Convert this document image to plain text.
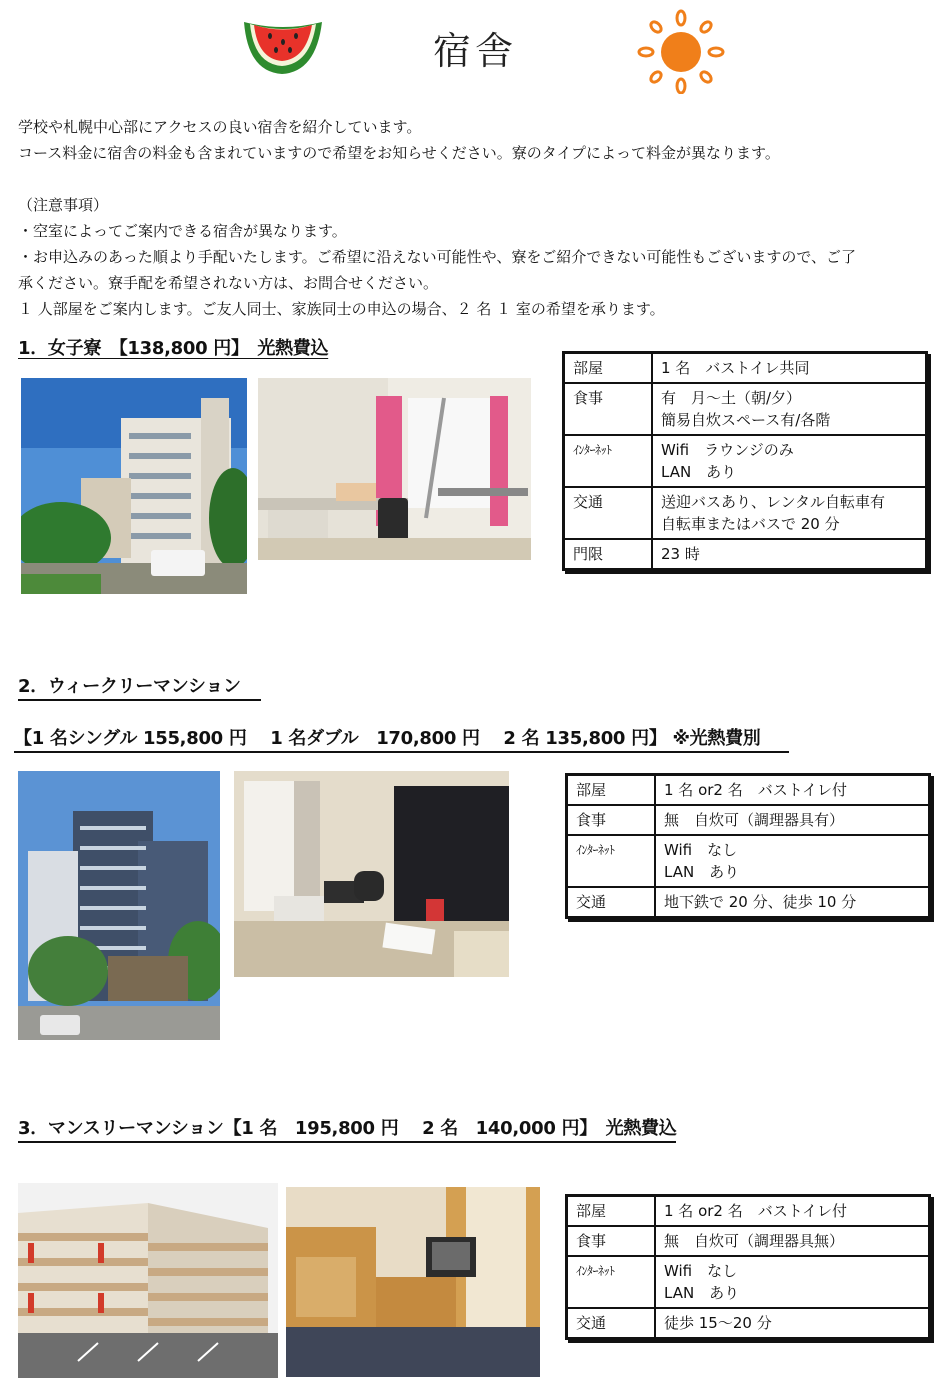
宿舎

学校や札幌中心部にアクセスの良い宿舎を紹介しています。

コース料金に宿舎の料金も含まれていますので希望をお知らせください。寮のタイプによって料金が異なります。

（注意事項）

・空室によってご案内できる宿舎が異なります。

・お申込みのあった順より手配いたします。ご希望に沿えない可能性や、寮をご紹介できない可能性もございますので、ご了

承ください。寮手配を希望されない方は、お問合せください。

１ 人部屋をご案内します。ご友人同士、家族同士の申込の場合、２ 名 １ 室の希望を承ります。

1．女子寮　【138,800 円】　光熱費込
部屋	1 名　バストイレ共同

食事	有　月～土（朝/夕）
簡易自炊スペース有/各階

ｲﾝﾀｰﾈｯﾄ	Wifi　ラウンジのみ
LAN　あり

交通	送迎バスあり、レンタル自転車有
自転車またはバスで 20 分

門限	23 時
2．ウィークリーマンション
【1 名シングル 155,800 円　 1 名ダブル　170,800 円　 2 名 135,800 円】 ※光熱費別
部屋	1 名 or2 名　バストイレ付

食事	無　自炊可（調理器具有）

ｲﾝﾀｰﾈｯﾄ	Wifi　なし
LAN　あり

交通	地下鉄で 20 分、徒歩 10 分
3．マンスリーマンション【1 名　195,800 円　 2 名　140,000 円】　光熱費込
部屋	1 名 or2 名　バストイレ付

食事	無　自炊可（調理器具無）

ｲﾝﾀｰﾈｯﾄ	Wifi　なし
LAN　あり

交通	徒歩 15～20 分
